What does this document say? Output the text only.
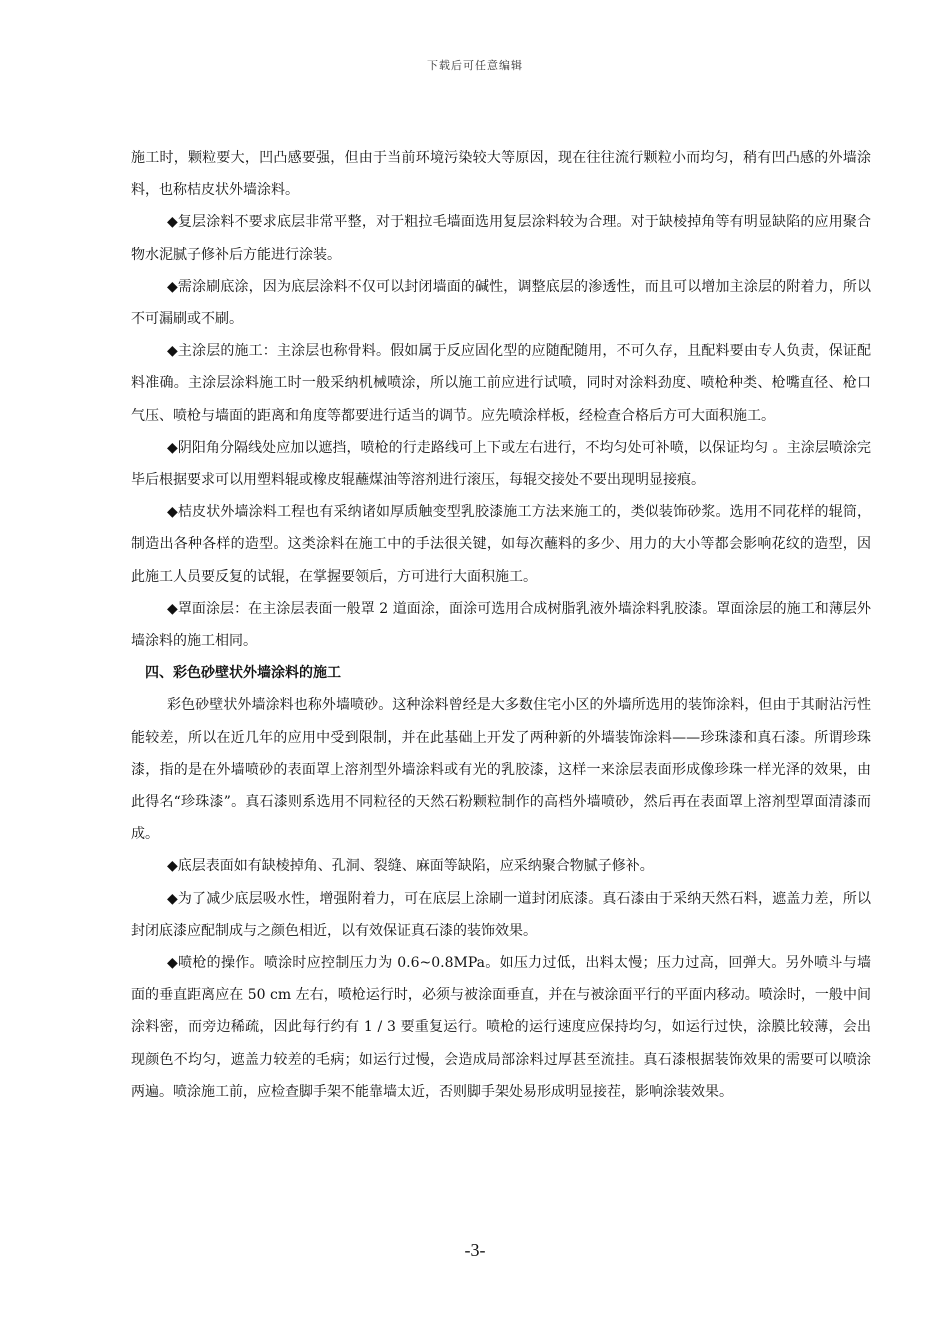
下载后可任意编辑

施工时，颗粒要大，凹凸感要强，但由于当前环境污染较大等原因，现在往往流行颗粒小而均匀，稍有凹凸感的外墙涂料，也称桔皮状外墙涂料。

◆复层涂料不要求底层非常平整，对于粗拉毛墙面选用复层涂料较为合理。对于缺棱掉角等有明显缺陷的应用聚合物水泥腻子修补后方能进行涂装。

◆需涂刷底涂，因为底层涂料不仅可以封闭墙面的碱性，调整底层的渗透性，而且可以增加主涂层的附着力，所以不可漏刷或不刷。

◆主涂层的施工：主涂层也称骨料。假如属于反应固化型的应随配随用，不可久存，且配料要由专人负责，保证配料准确。主涂层涂料施工时一般采纳机械喷涂，所以施工前应进行试喷，同时对涂料劲度、喷枪种类、枪嘴直径、枪口气压、喷枪与墙面的距离和角度等都要进行适当的调节。应先喷涂样板，经检查合格后方可大面积施工。

◆阴阳角分隔线处应加以遮挡，喷枪的行走路线可上下或左右进行，不均匀处可补喷，以保证均匀 。主涂层喷涂完毕后根据要求可以用塑料辊或橡皮辊蘸煤油等溶剂进行滚压，每辊交接处不要出现明显接痕。

◆桔皮状外墙涂料工程也有采纳诸如厚质触变型乳胶漆施工方法来施工的，类似装饰砂浆。选用不同花样的辊筒，制造出各种各样的造型。这类涂料在施工中的手法很关键，如每次蘸料的多少、用力的大小等都会影响花纹的造型，因此施工人员要反复的试辊，在掌握要领后，方可进行大面积施工。

◆罩面涂层：在主涂层表面一般罩 2 道面涂，面涂可选用合成树脂乳液外墙涂料乳胶漆。罩面涂层的施工和薄层外墙涂料的施工相同。

四、彩色砂壁状外墙涂料的施工

彩色砂壁状外墙涂料也称外墙喷砂。这种涂料曾经是大多数住宅小区的外墙所选用的装饰涂料，但由于其耐沾污性能较差，所以在近几年的应用中受到限制，并在此基础上开发了两种新的外墙装饰涂料——珍珠漆和真石漆。所谓珍珠漆，指的是在外墙喷砂的表面罩上溶剂型外墙涂料或有光的乳胶漆，这样一来涂层表面形成像珍珠一样光泽的效果，由此得名“珍珠漆”。真石漆则系选用不同粒径的天然石粉颗粒制作的高档外墙喷砂，然后再在表面罩上溶剂型罩面清漆而成。

◆底层表面如有缺棱掉角、孔洞、裂缝、麻面等缺陷，应采纳聚合物腻子修补。

◆为了减少底层吸水性，增强附着力，可在底层上涂刷一道封闭底漆。真石漆由于采纳天然石料，遮盖力差，所以封闭底漆应配制成与之颜色相近，以有效保证真石漆的装饰效果。

◆喷枪的操作。喷涂时应控制压力为 0.6~0.8MPa。如压力过低，出料太慢；压力过高，回弹大。另外喷斗与墙面的垂直距离应在 50 cm 左右，喷枪运行时，必须与被涂面垂直，并在与被涂面平行的平面内移动。喷涂时，一般中间涂料密，而旁边稀疏，因此每行约有 1 / 3 要重复运行。喷枪的运行速度应保持均匀，如运行过快，涂膜比较薄，会出现颜色不均匀，遮盖力较差的毛病；如运行过慢，会造成局部涂料过厚甚至流挂。真石漆根据装饰效果的需要可以喷涂两遍。喷涂施工前，应检查脚手架不能靠墙太近，否则脚手架处易形成明显接茬，影响涂装效果。

-3-
